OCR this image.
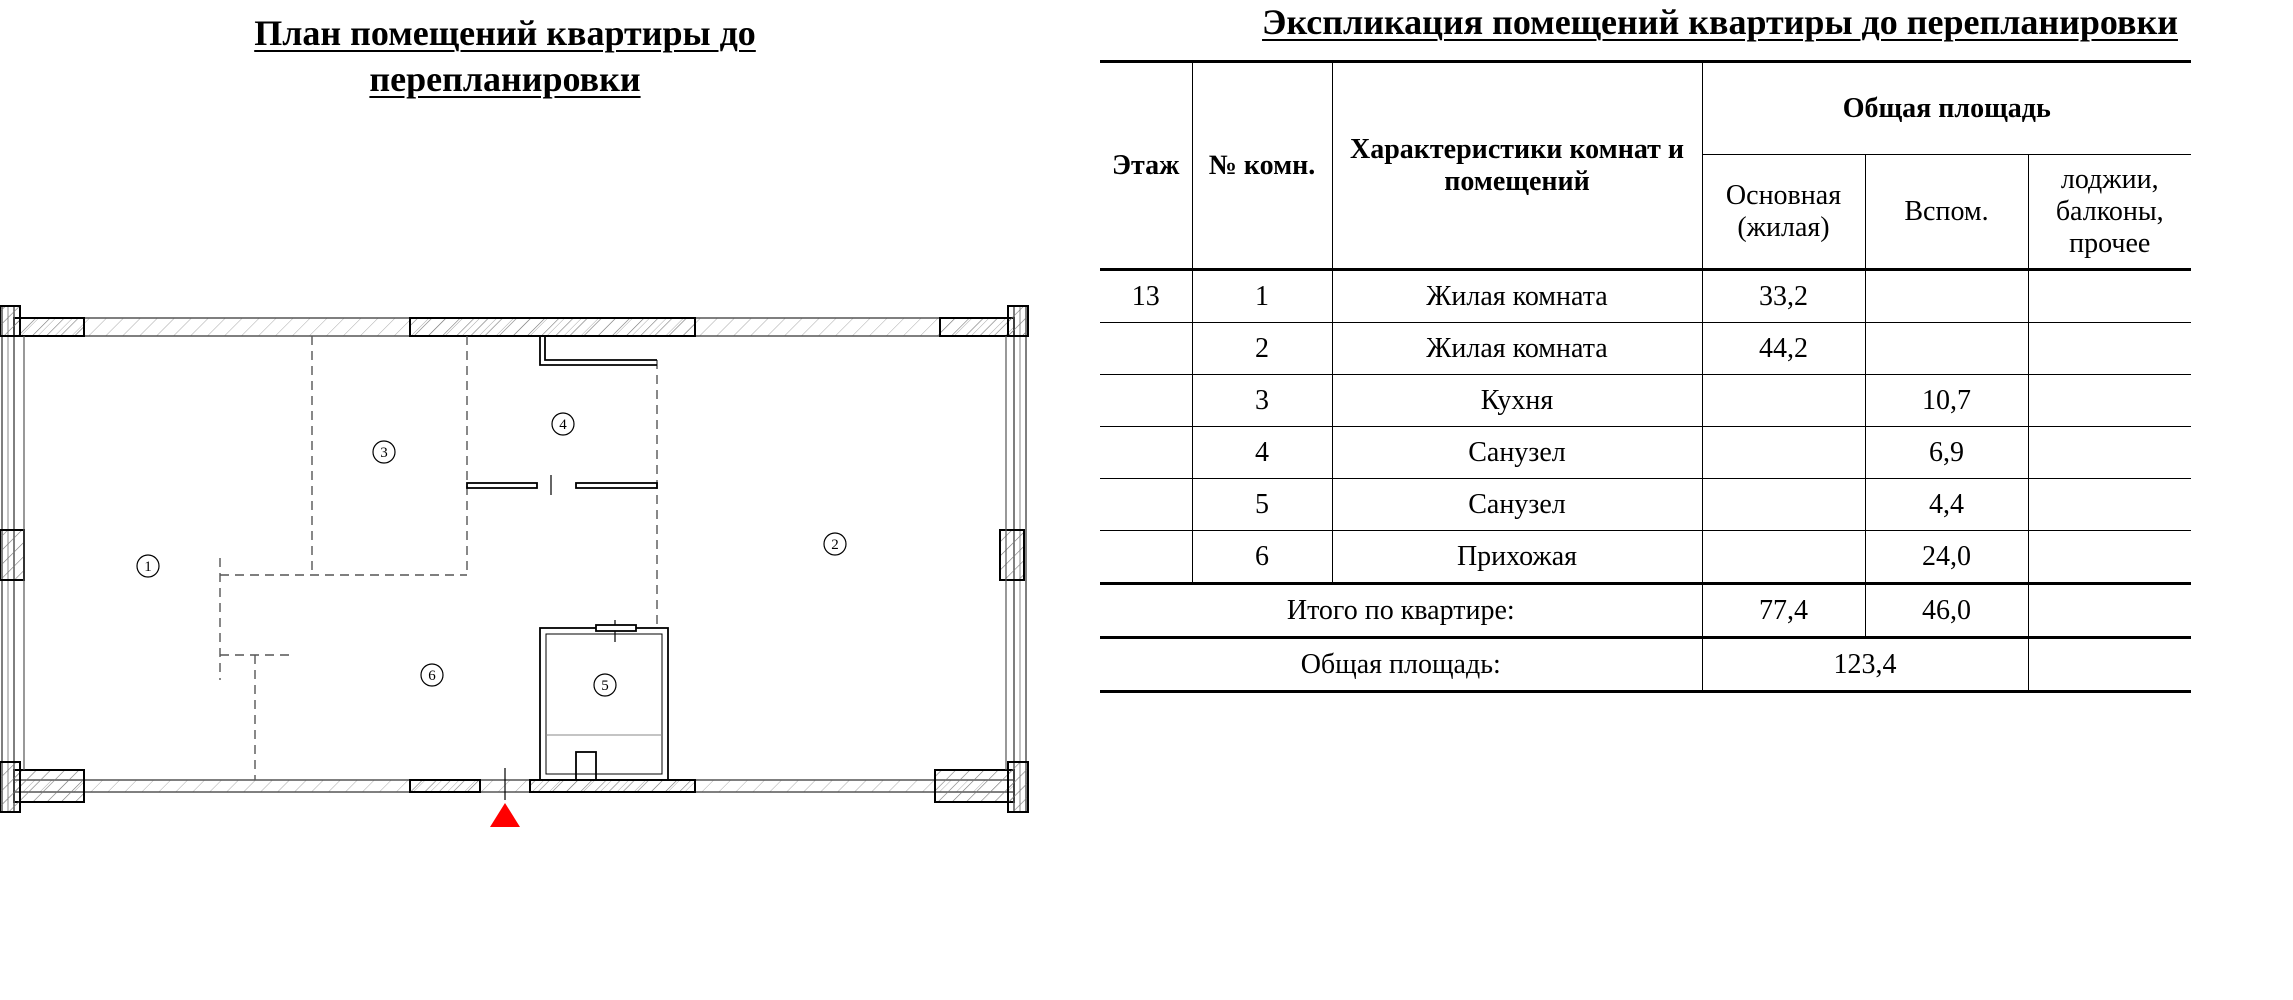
План помещений квартиры до
перепланировки
1
2
3
4
5
6
Экспликация помещений квартиры до перепланировки
Этаж	№ комн.	Характеристики комнат и помещений	Общая площадь		
			Основная (жилая)	Вспом.	лоджии, балконы, прочее
13	1	Жилая комната	33,2		
	2	Жилая комната	44,2		
	3	Кухня		10,7	
	4	Санузел		6,9	
	5	Санузел		4,4	
	6	Прихожая		24,0	
Итого по квартире:			77,4	46,0	
Общая площадь:			123,4		
